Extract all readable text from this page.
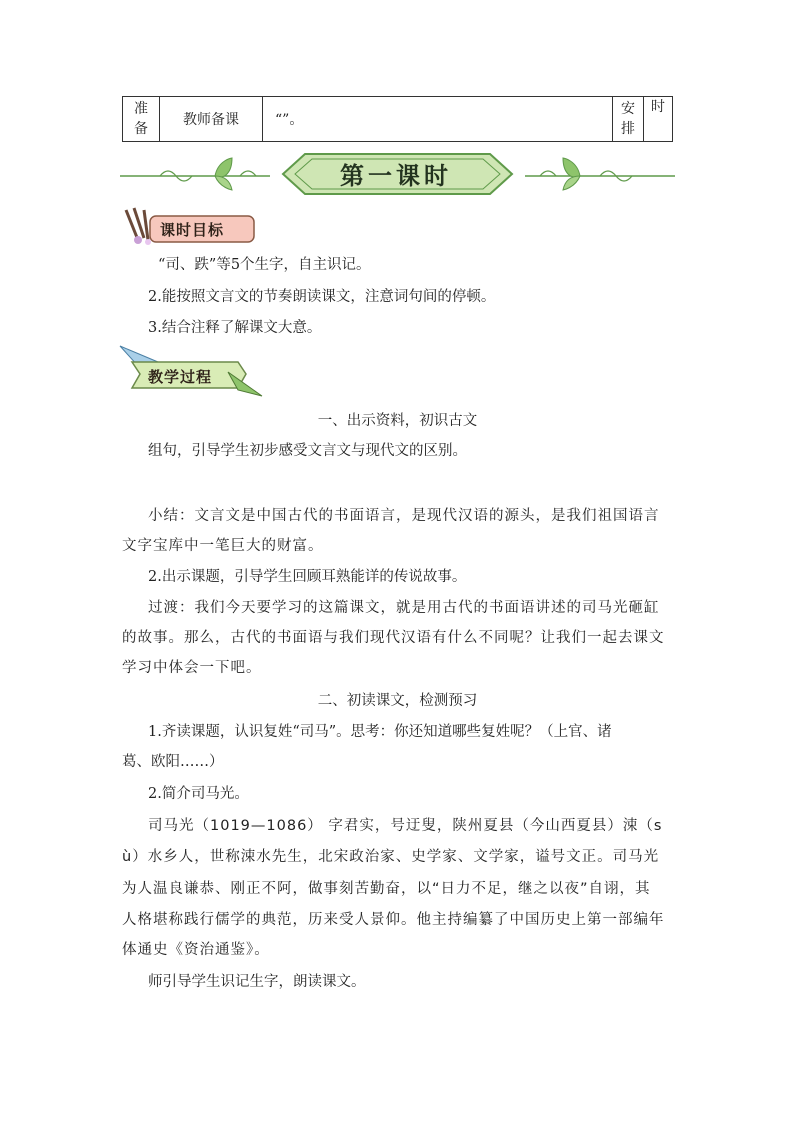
准备	教师备课	“”。	安排	时
第一课时
课时目标
“司、跌”等5个生字，自主识记。
2.能按照文言文的节奏朗读课文，注意词句间的停顿。
3.结合注释了解课文大意。
教学过程
一、出示资料，初识古文
组句，引导学生初步感受文言文与现代文的区别。
小结：文言文是中国古代的书面语言，是现代汉语的源头，是我们祖国语言
文字宝库中一笔巨大的财富。
2.出示课题，引导学生回顾耳熟能详的传说故事。
过渡：我们今天要学习的这篇课文，就是用古代的书面语讲述的司马光砸缸
的故事。那么，古代的书面语与我们现代汉语有什么不同呢？让我们一起去课文
学习中体会一下吧。
二、初读课文，检测预习
1.齐读课题，认识复姓“司马”。思考：你还知道哪些复姓呢？（上官、诸
葛、欧阳……）
2.简介司马光。
司马光（1019—1086） 字君实，号迂叟，陕州夏县（今山西夏县）涑（s
ù）水乡人，世称涑水先生，北宋政治家、史学家、文学家，谥号文正。司马光
为人温良谦恭、刚正不阿，做事刻苦勤奋，以“日力不足，继之以夜”自诩，其
人格堪称践行儒学的典范，历来受人景仰。他主持编纂了中国历史上第一部编年
体通史《资治通鉴》。
师引导学生识记生字，朗读课文。
